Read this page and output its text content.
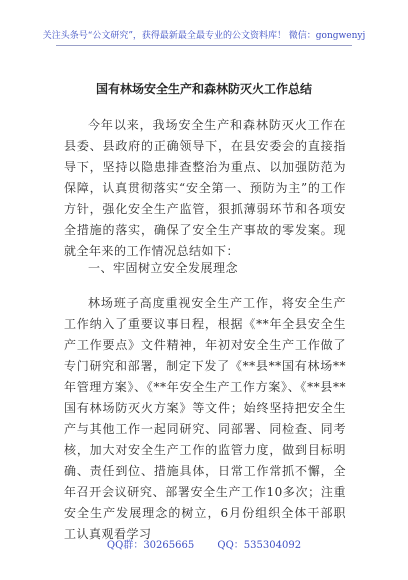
关注头条号“公文研究”，获得最新最全最专业的公文资料库！ 微信：gongwenyj
国有林场安全生产和森林防灭火工作总结

今年以来，我场安全生产和森林防灭火工作在县委、县政府的正确领导下，在县安委会的直接指导下，坚持以隐患排查整治为重点、以加强防范为保障，认真贯彻落实“安全第一、预防为主”的工作方针，强化安全生产监管，狠抓薄弱环节和各项安全措施的落实，确保了安全生产事故的零发案。现就全年来的工作情况总结如下：

一、牢固树立安全发展理念

林场班子高度重视安全生产工作，将安全生产工作纳入了重要议事日程，根据《**年全县安全生产工作要点》文件精神，年初对安全生产工作做了专门研究和部署，制定下发了《**县**国有林场**年管理方案》、《**年安全生产工作方案》、《**县**国有林场防灭火方案》等文件；始终坚持把安全生产与其他工作一起同研究、同部署、同检查、同考核，加大对安全生产工作的监管力度，做到目标明确、责任到位、措施具体，日常工作常抓不懈，全年召开会议研究、部署安全生产工作10多次；注重安全生产发展理念的树立，6月份组织全体干部职工认真观看学习

QQ群：30265665 QQ：535304092
